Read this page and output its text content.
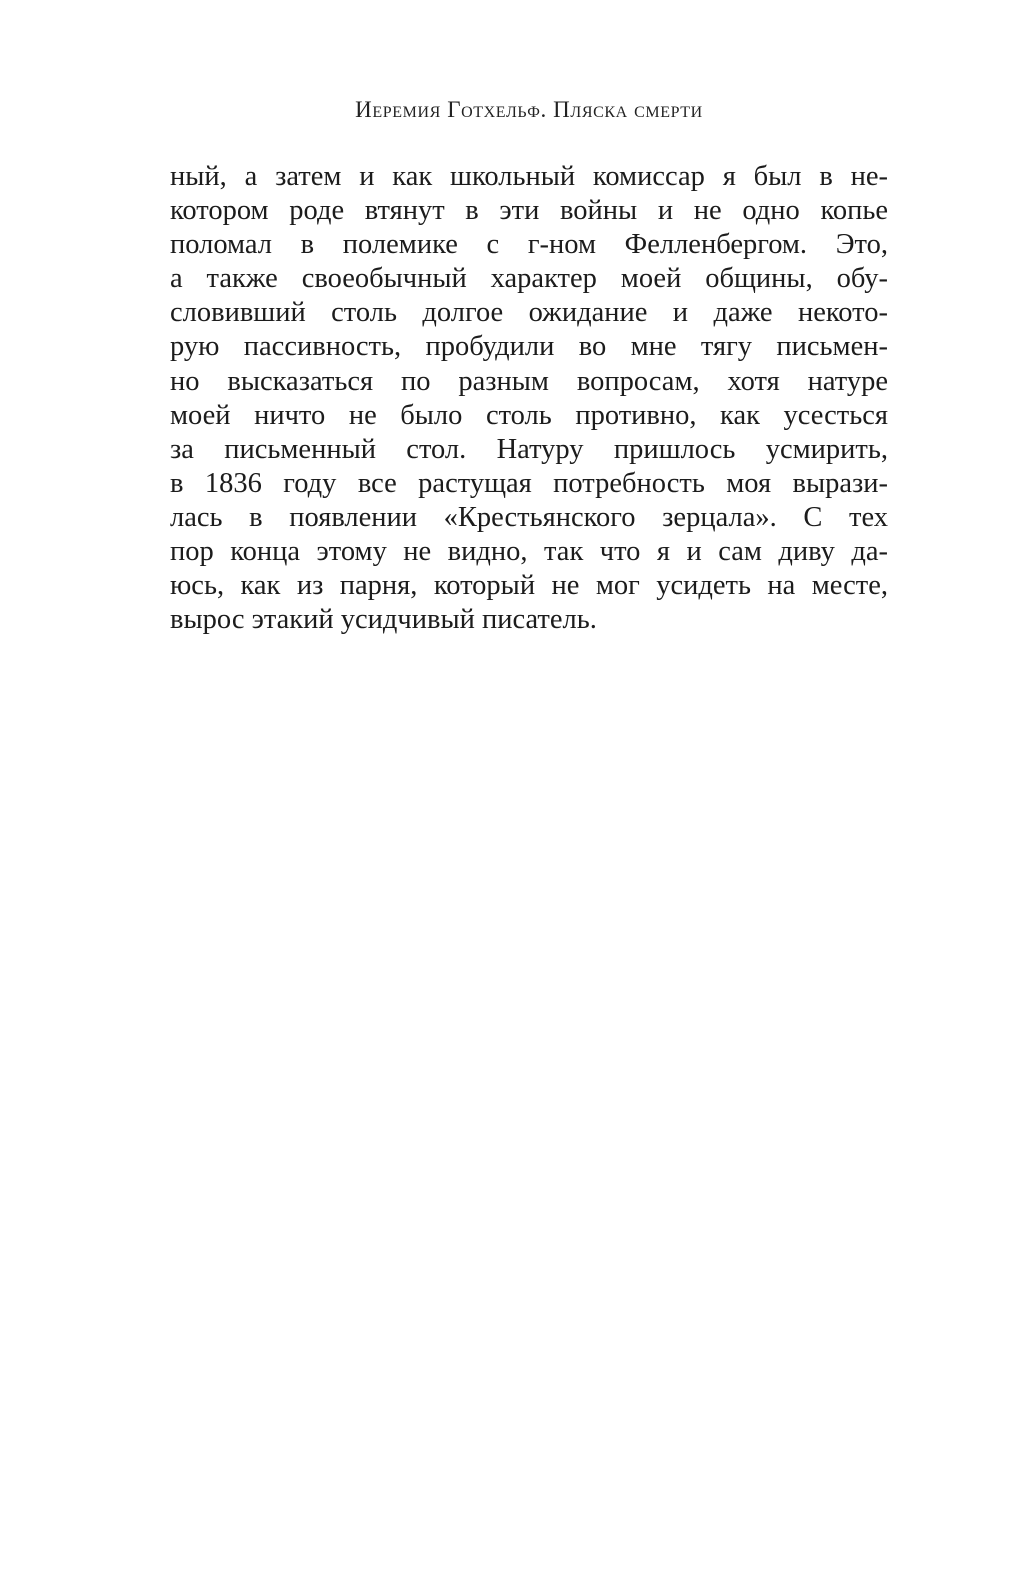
Иеремия Готхельф. Пляска смерти
ный, а затем и как школьный комиссар я был в не-
котором роде втянут в эти войны и не одно копье
поломал в полемике с г-ном Фелленбергом. Это,
а также своеобычный характер моей общины, обу-
словивший столь долгое ожидание и даже некото-
рую пассивность, пробудили во мне тягу письмен-
но высказаться по разным вопросам, хотя натуре
моей ничто не было столь противно, как усесться
за письменный стол. Натуру пришлось усмирить,
в 1836 году все растущая потребность моя вырази-
лась в появлении «Крестьянского зерцала». С тех
пор конца этому не видно, так что я и сам диву да-
юсь, как из парня, который не мог усидеть на месте,
вырос этакий усидчивый писатель.
